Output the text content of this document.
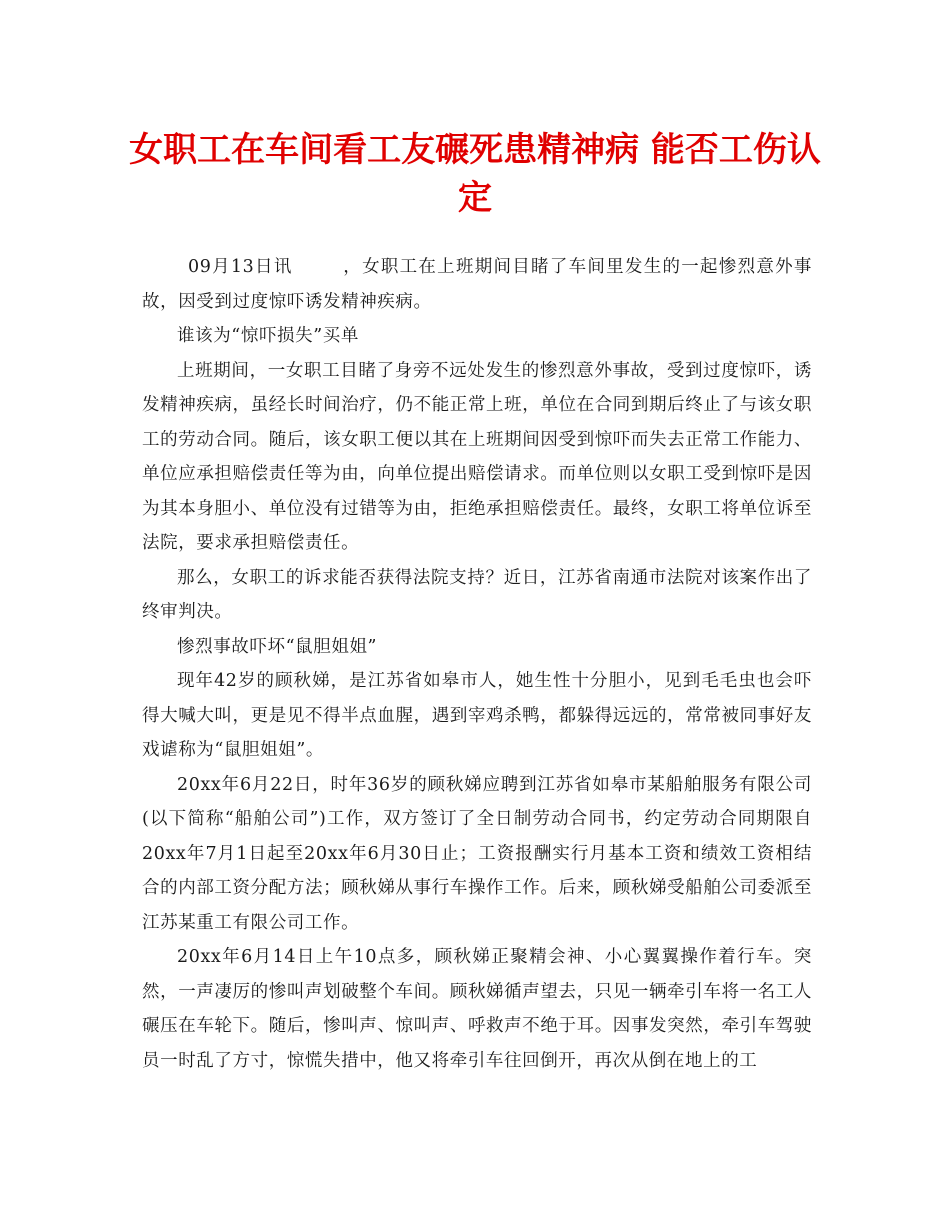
女职工在车间看工友碾死患精神病 能否工伤认定

09月13日讯	，女职工在上班期间目睹了车间里发生的一起惨烈意外事故，因受到过度惊吓诱发精神疾病。

谁该为“惊吓损失”买单

上班期间，一女职工目睹了身旁不远处发生的惨烈意外事故，受到过度惊吓，诱发精神疾病，虽经长时间治疗，仍不能正常上班，单位在合同到期后终止了与该女职工的劳动合同。随后，该女职工便以其在上班期间因受到惊吓而失去正常工作能力、单位应承担赔偿责任等为由，向单位提出赔偿请求。而单位则以女职工受到惊吓是因为其本身胆小、单位没有过错等为由，拒绝承担赔偿责任。最终，女职工将单位诉至法院，要求承担赔偿责任。

那么，女职工的诉求能否获得法院支持？近日，江苏省南通市法院对该案作出了终审判决。

惨烈事故吓坏“鼠胆姐姐”

现年42岁的顾秋娣，是江苏省如皋市人，她生性十分胆小，见到毛毛虫也会吓得大喊大叫，更是见不得半点血腥，遇到宰鸡杀鸭，都躲得远远的，常常被同事好友戏谑称为“鼠胆姐姐”。

20xx年6月22日，时年36岁的顾秋娣应聘到江苏省如皋市某船舶服务有限公司(以下简称“船舶公司”)工作，双方签订了全日制劳动合同书，约定劳动合同期限自20xx年7月1日起至20xx年6月30日止；工资报酬实行月基本工资和绩效工资相结合的内部工资分配方法；顾秋娣从事行车操作工作。后来，顾秋娣受船舶公司委派至江苏某重工有限公司工作。

20xx年6月14日上午10点多，顾秋娣正聚精会神、小心翼翼操作着行车。突然，一声凄厉的惨叫声划破整个车间。顾秋娣循声望去，只见一辆牵引车将一名工人碾压在车轮下。随后，惨叫声、惊叫声、呼救声不绝于耳。因事发突然，牵引车驾驶员一时乱了方寸，惊慌失措中，他又将牵引车往回倒开，再次从倒在地上的工
